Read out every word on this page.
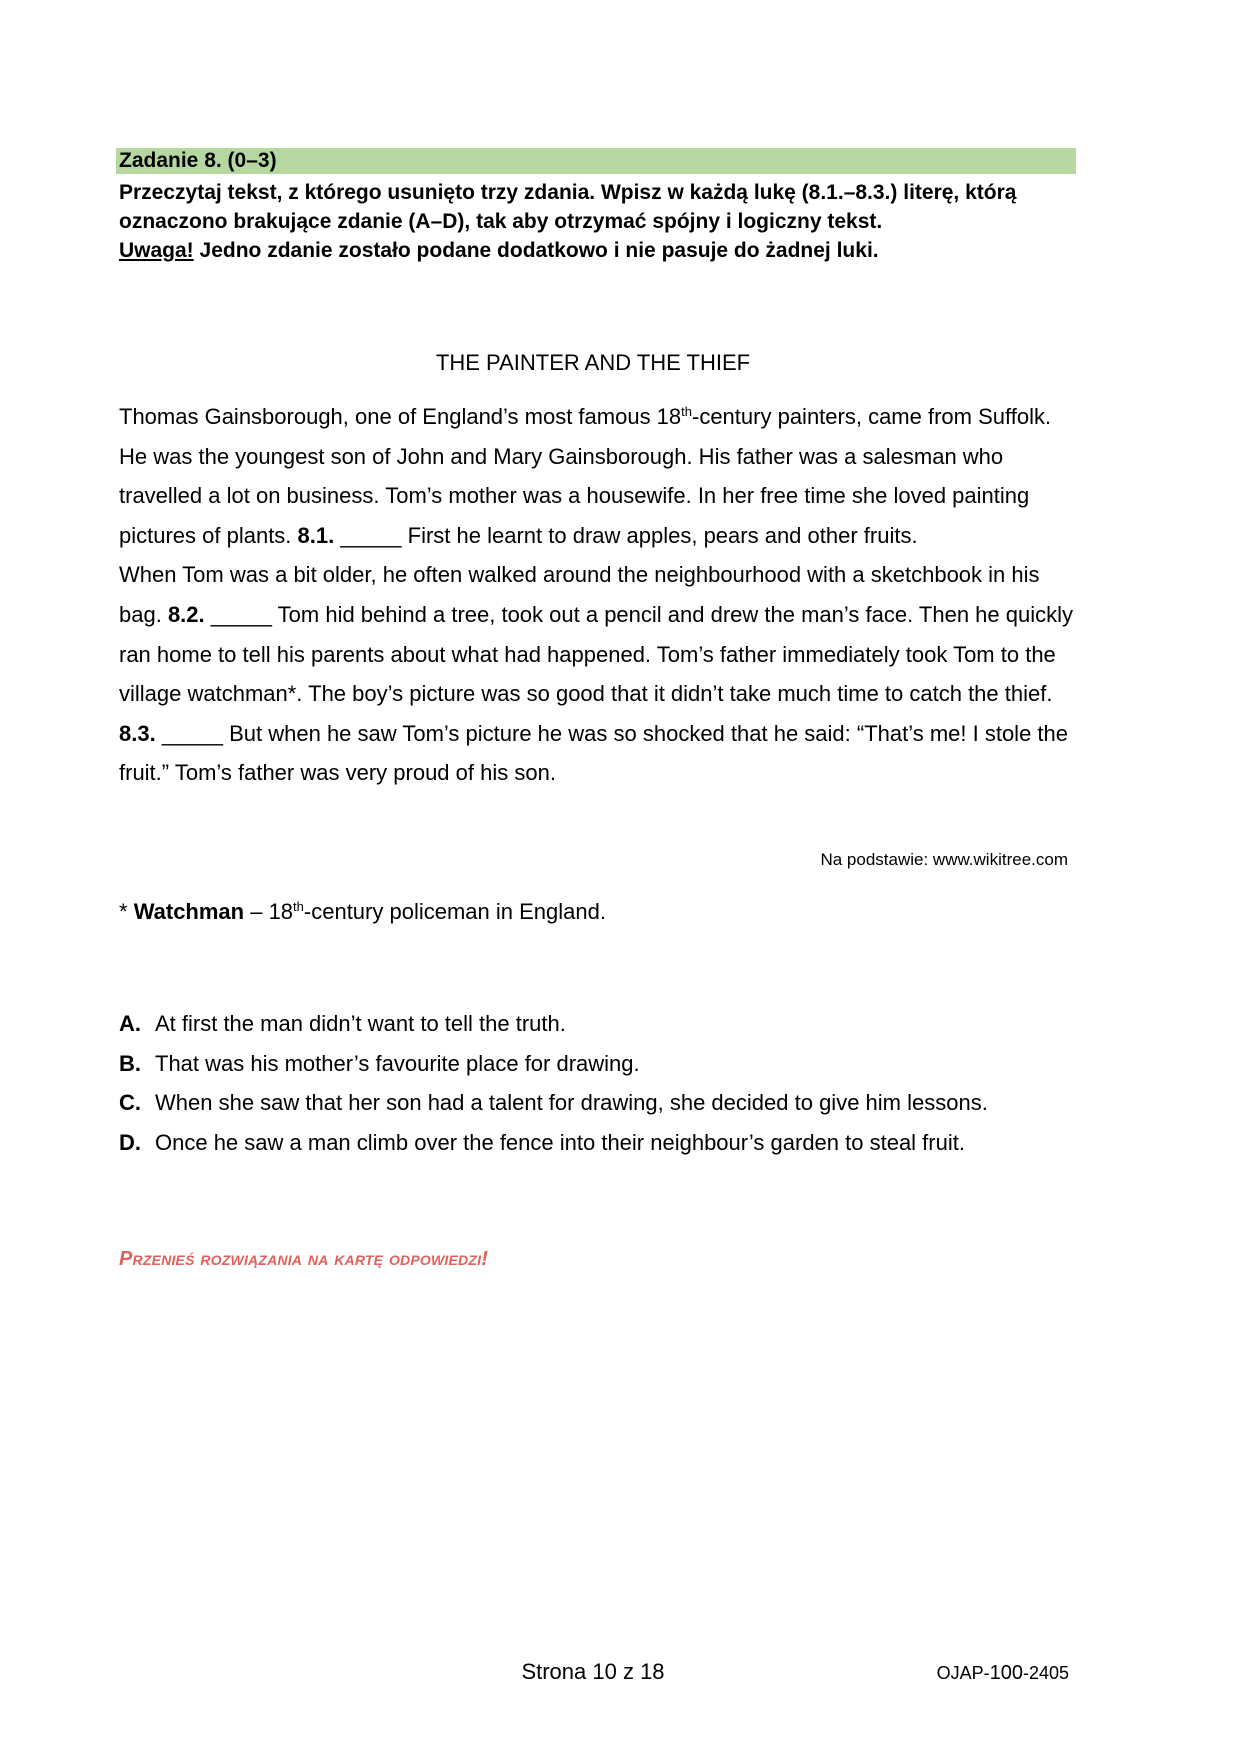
Zadanie 8. (0–3)

Przeczytaj tekst, z którego usunięto trzy zdania. Wpisz w każdą lukę (8.1.–8.3.) literę, którą oznaczono brakujące zdanie (A–D), tak aby otrzymać spójny i logiczny tekst.

Uwaga! Jedno zdanie zostało podane dodatkowo i nie pasuje do żadnej luki.

THE PAINTER AND THE THIEF

Thomas Gainsborough, one of England’s most famous 18th-century painters, came from Suffolk. He was the youngest son of John and Mary Gainsborough. His father was a salesman who travelled a lot on business. Tom’s mother was a housewife. In her free time she loved painting pictures of plants. 8.1. _____ First he learnt to draw apples, pears and other fruits.

When Tom was a bit older, he often walked around the neighbourhood with a sketchbook in his bag. 8.2. _____ Tom hid behind a tree, took out a pencil and drew the man’s face. Then he quickly ran home to tell his parents about what had happened. Tom’s father immediately took Tom to the village watchman*. The boy’s picture was so good that it didn’t take much time to catch the thief. 8.3. _____ But when he saw Tom’s picture he was so shocked that he said: “That’s me! I stole the fruit.” Tom’s father was very proud of his son.

Na podstawie: www.wikitree.com
* Watchman – 18th-century policeman in England.
A. At first the man didn’t want to tell the truth.
B. That was his mother’s favourite place for drawing.
C. When she saw that her son had a talent for drawing, she decided to give him lessons.
D. Once he saw a man climb over the fence into their neighbour’s garden to steal fruit.
Przenieś rozwiązania na kartę odpowiedzi!
Strona 10 z 18	OJAP-100-2405
